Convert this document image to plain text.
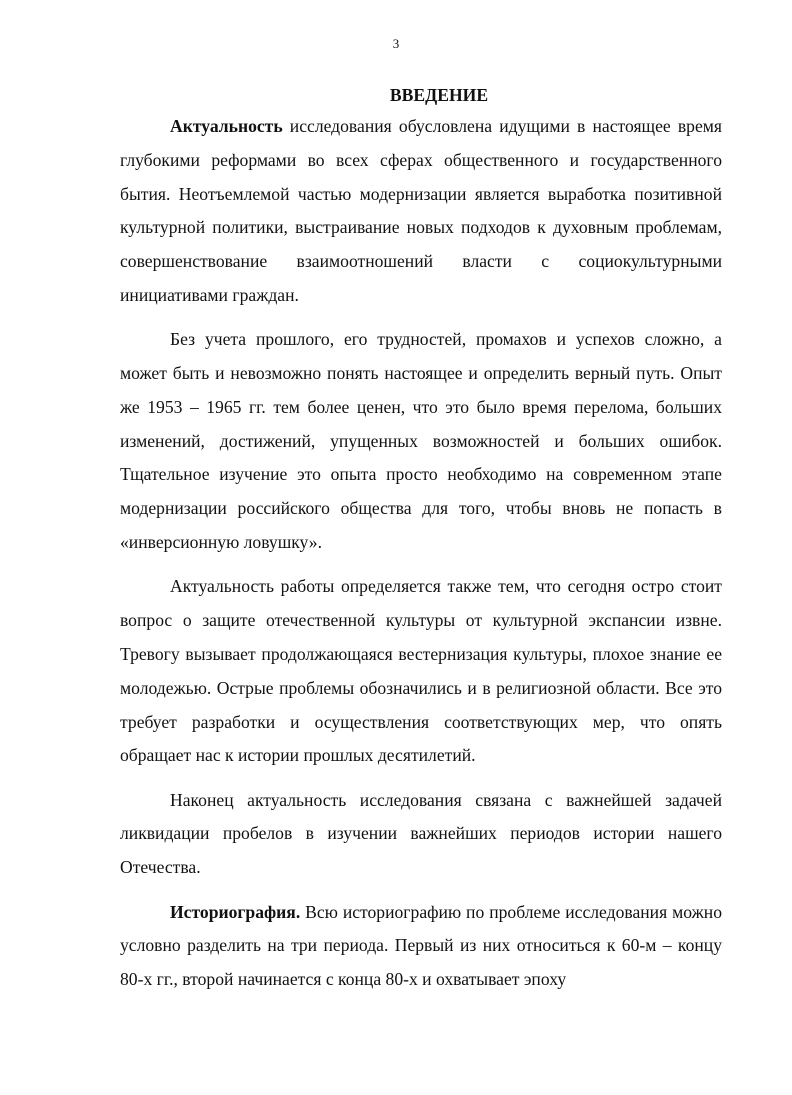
3
ВВЕДЕНИЕ

Актуальность исследования обусловлена идущими в настоящее время глубокими реформами во всех сферах общественного и государственного бытия. Неотъемлемой частью модернизации является выработка позитивной культурной политики, выстраивание новых подходов к духовным проблемам, совершенствование взаимоотношений власти с социокультурными инициативами граждан.

Без учета прошлого, его трудностей, промахов и успехов сложно, а может быть и невозможно понять настоящее и определить верный путь. Опыт же 1953 – 1965 гг. тем более ценен, что это было время перелома, больших изменений, достижений, упущенных возможностей и больших ошибок. Тщательное изучение это опыта просто необходимо на современном этапе модернизации российского общества для того, чтобы вновь не попасть в «инверсионную ловушку».

Актуальность работы определяется также тем, что сегодня остро стоит вопрос о защите отечественной культуры от культурной экспансии извне. Тревогу вызывает продолжающаяся вестернизация культуры, плохое знание ее молодежью. Острые проблемы обозначились и в религиозной области. Все это требует разработки и осуществления соответствующих мер, что опять обращает нас к истории прошлых десятилетий.

Наконец актуальность исследования связана с важнейшей задачей ликвидации пробелов в изучении важнейших периодов истории нашего Отечества.

Историография. Всю историографию по проблеме исследования можно условно разделить на три периода. Первый из них относиться к 60-м – концу 80-х гг., второй начинается с конца 80-х и охватывает эпоху
